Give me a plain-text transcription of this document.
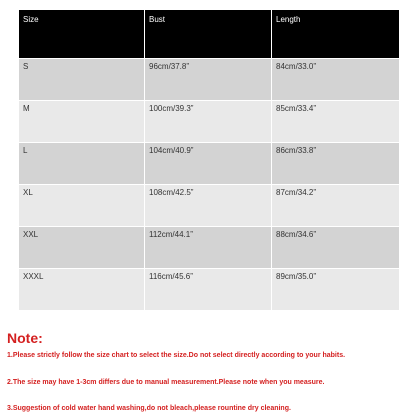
Size	Bust	Length
S	96cm/37.8”	84cm/33.0”
M	100cm/39.3”	85cm/33.4”
L	104cm/40.9”	86cm/33.8”
XL	108cm/42.5”	87cm/34.2”
XXL	112cm/44.1”	88cm/34.6”
XXXL	116cm/45.6”	89cm/35.0”

Note:

1.Please strictly follow the size chart to select the size.Do not select directly according to your habits.

2.The size may have 1-3cm differs due to manual measurement.Please note when you measure.

3.Suggestion of cold water hand washing,do not bleach,please rountine dry cleaning.
